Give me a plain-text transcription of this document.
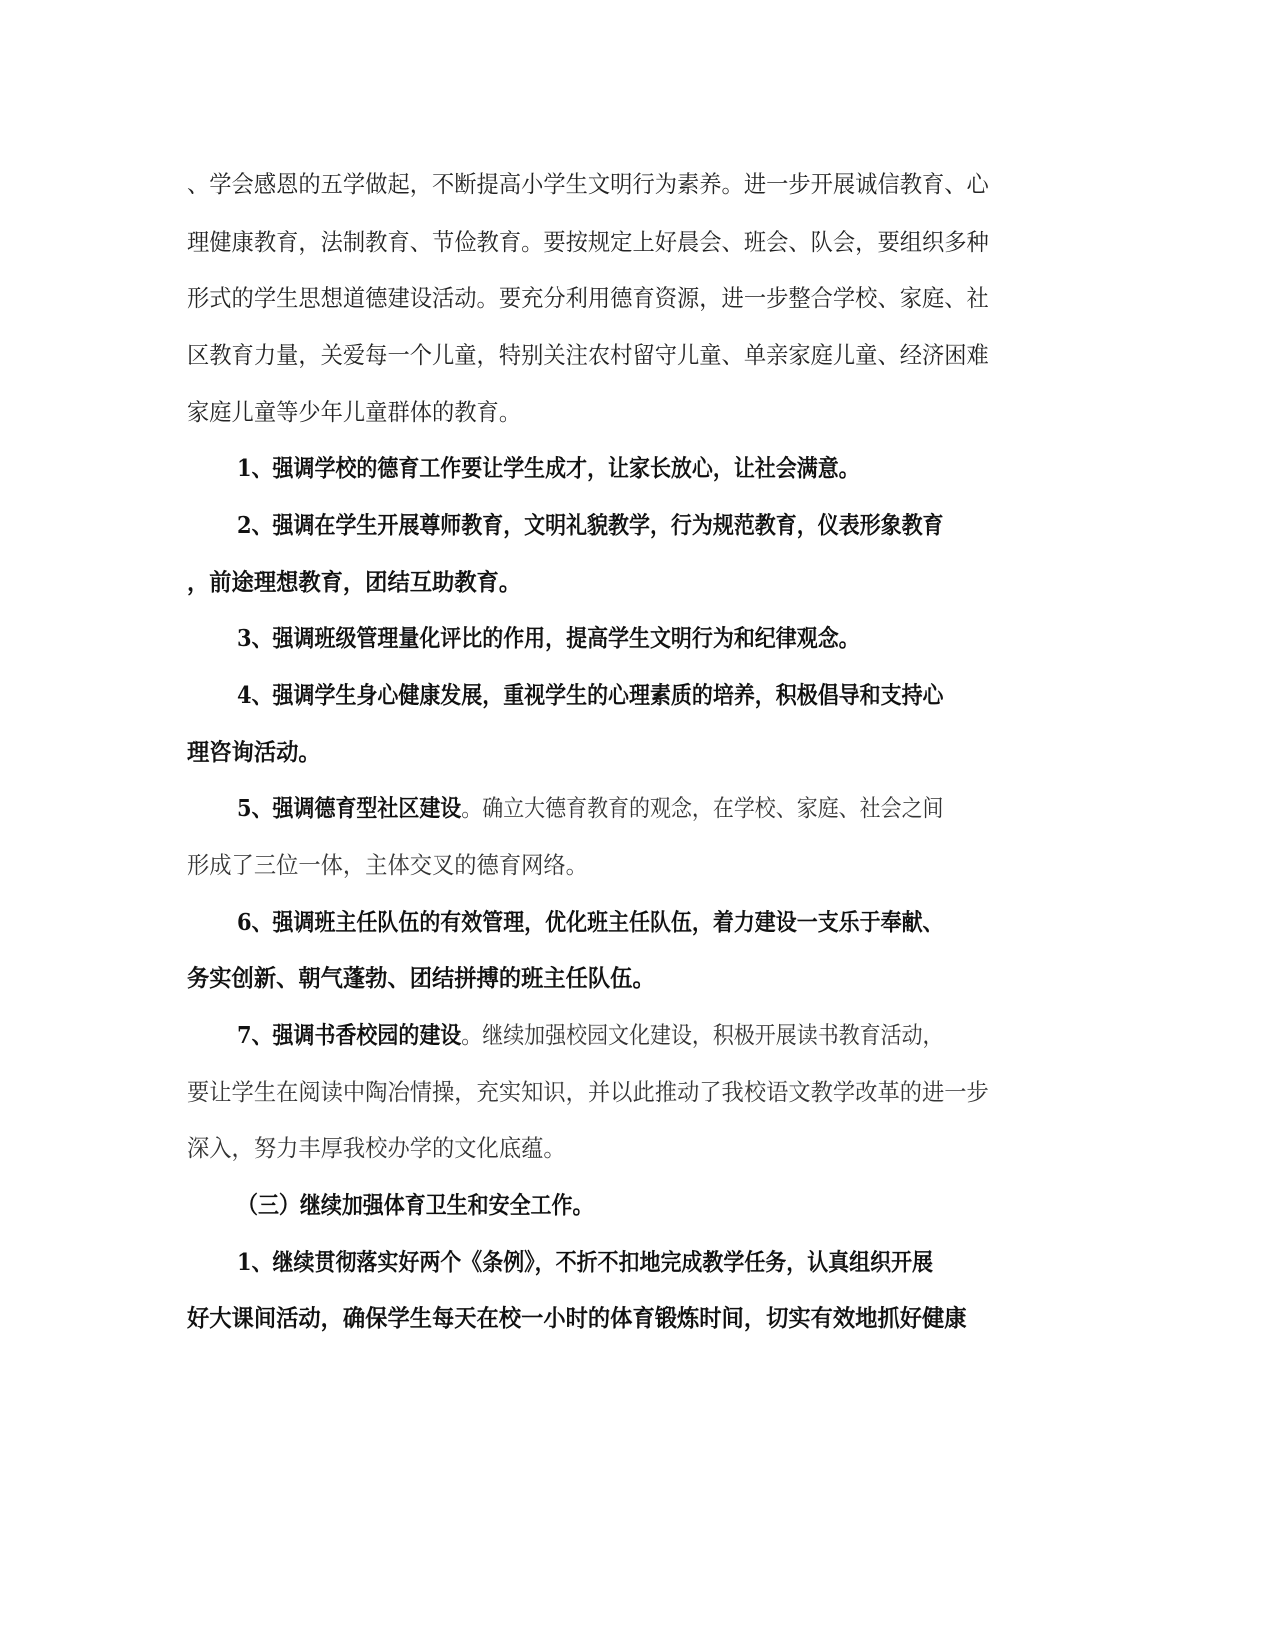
、学会感恩的五学做起，不断提高小学生文明行为素养。进一步开展诚信教育、心
理健康教育，法制教育、节俭教育。要按规定上好晨会、班会、队会，要组织多种
形式的学生思想道德建设活动。要充分利用德育资源，进一步整合学校、家庭、社
区教育力量，关爱每一个儿童，特别关注农村留守儿童、单亲家庭儿童、经济困难
家庭儿童等少年儿童群体的教育。
1、强调学校的德育工作要让学生成才，让家长放心，让社会满意。
2、强调在学生开展尊师教育，文明礼貌教学，行为规范教育，仪表形象教育
，前途理想教育，团结互助教育。
3、强调班级管理量化评比的作用，提高学生文明行为和纪律观念。
4、强调学生身心健康发展，重视学生的心理素质的培养，积极倡导和支持心
理咨询活动。
5、强调德育型社区建设。确立大德育教育的观念，在学校、家庭、社会之间
形成了三位一体，主体交叉的德育网络。
6、强调班主任队伍的有效管理，优化班主任队伍，着力建设一支乐于奉献、
务实创新、朝气蓬勃、团结拼搏的班主任队伍。
7、强调书香校园的建设。继续加强校园文化建设，积极开展读书教育活动，
要让学生在阅读中陶冶情操，充实知识，并以此推动了我校语文教学改革的进一步
深入，努力丰厚我校办学的文化底蕴。
（三）继续加强体育卫生和安全工作。
1、继续贯彻落实好两个《条例》，不折不扣地完成教学任务，认真组织开展
好大课间活动，确保学生每天在校一小时的体育锻炼时间，切实有效地抓好健康
